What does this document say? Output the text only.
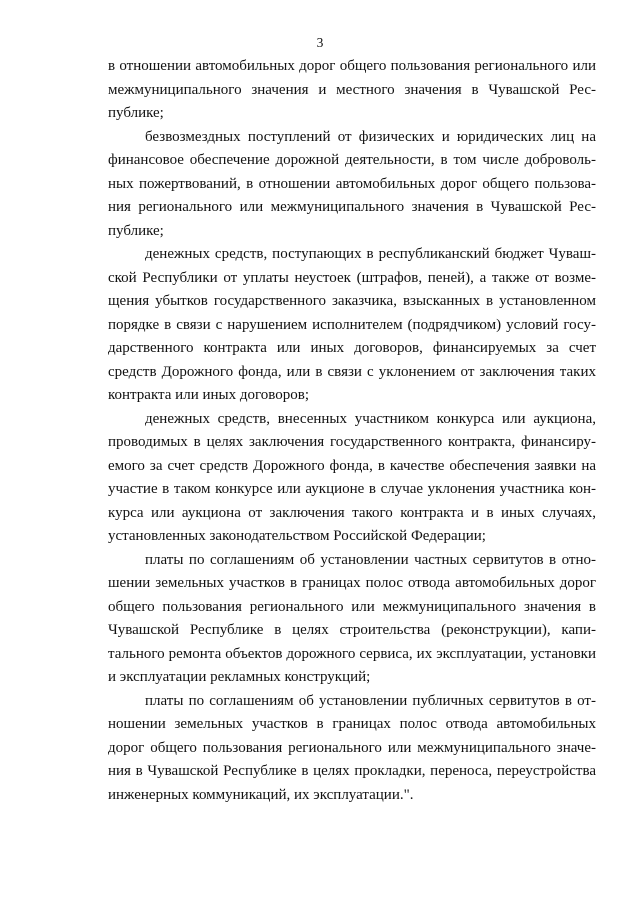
3

в отношении автомобильных дорог общего пользования регионального или межмуниципального значения и местного значения в Чувашской Республике;

безвозмездных поступлений от физических и юридических лиц на финансовое обеспечение дорожной деятельности, в том числе добровольных пожертвований, в отношении автомобильных дорог общего пользования регионального или межмуниципального значения в Чувашской Республике;

денежных средств, поступающих в республиканский бюджет Чувашской Республики от уплаты неустоек (штрафов, пеней), а также от возмещения убытков государственного заказчика, взысканных в установленном порядке в связи с нарушением исполнителем (подрядчиком) условий государственного контракта или иных договоров, финансируемых за счет средств Дорожного фонда, или в связи с уклонением от заключения таких контракта или иных договоров;

денежных средств, внесенных участником конкурса или аукциона, проводимых в целях заключения государственного контракта, финансируемого за счет средств Дорожного фонда, в качестве обеспечения заявки на участие в таком конкурсе или аукционе в случае уклонения участника конкурса или аукциона от заключения такого контракта и в иных случаях, установленных законодательством Российской Федерации;

платы по соглашениям об установлении частных сервитутов в отношении земельных участков в границах полос отвода автомобильных дорог общего пользования регионального или межмуниципального значения в Чувашской Республике в целях строительства (реконструкции), капитального ремонта объектов дорожного сервиса, их эксплуатации, установки и эксплуатации рекламных конструкций;

платы по соглашениям об установлении публичных сервитутов в отношении земельных участков в границах полос отвода автомобильных дорог общего пользования регионального или межмуниципального значения в Чувашской Республике в целях прокладки, переноса, переустройства инженерных коммуникаций, их эксплуатации.".
